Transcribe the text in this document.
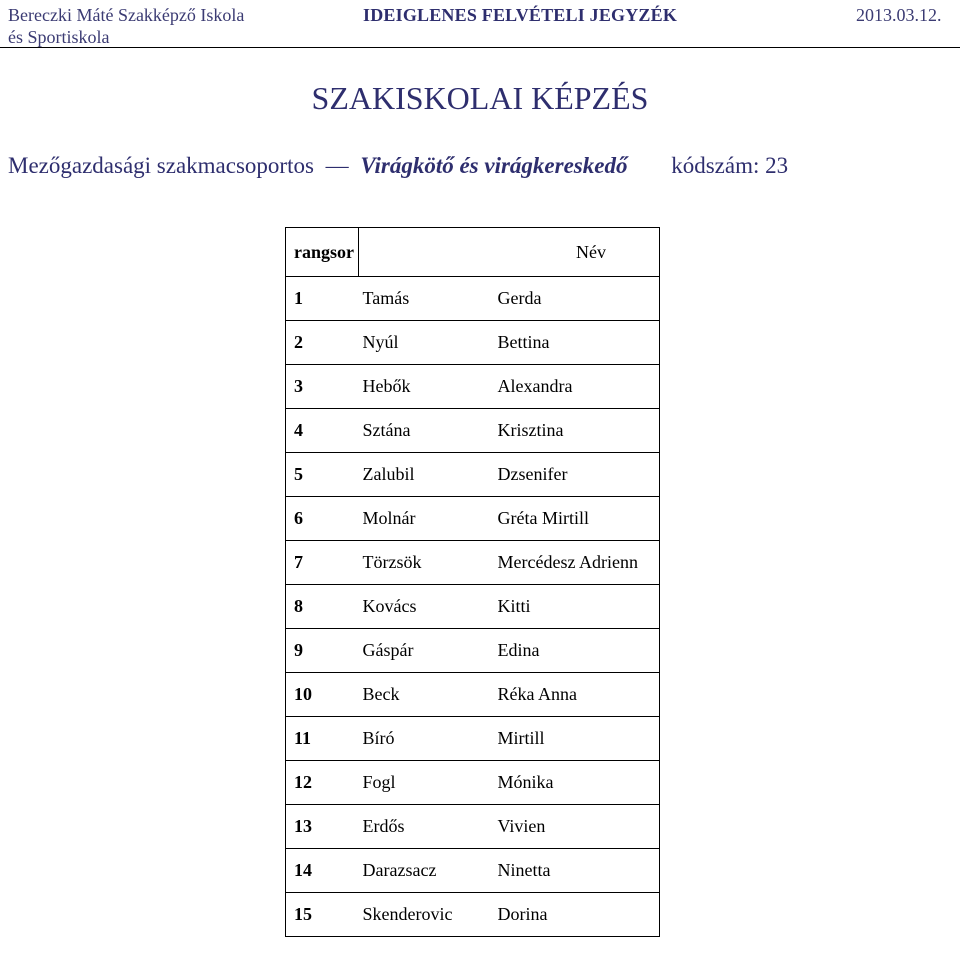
Bereczki Máté Szakképző Iskola
és Sportiskola
IDEIGLENES FELVÉTELI JEGYZÉK	2013.03.12.
SZAKISKOLAI KÉPZÉS
Mezőgazdasági szakmacsoportos — Virágkötő és virágkereskedő kódszám: 23
rangsor	Név	
1	Tamás	Gerda
2	Nyúl	Bettina
3	Hebők	Alexandra
4	Sztána	Krisztina
5	Zalubil	Dzsenifer
6	Molnár	Gréta Mirtill
7	Törzsök	Mercédesz Adrienn
8	Kovács	Kitti
9	Gáspár	Edina
10	Beck	Réka Anna
11	Bíró	Mirtill
12	Fogl	Mónika
13	Erdős	Vivien
14	Darazsacz	Ninetta
15	Skenderovic	Dorina
